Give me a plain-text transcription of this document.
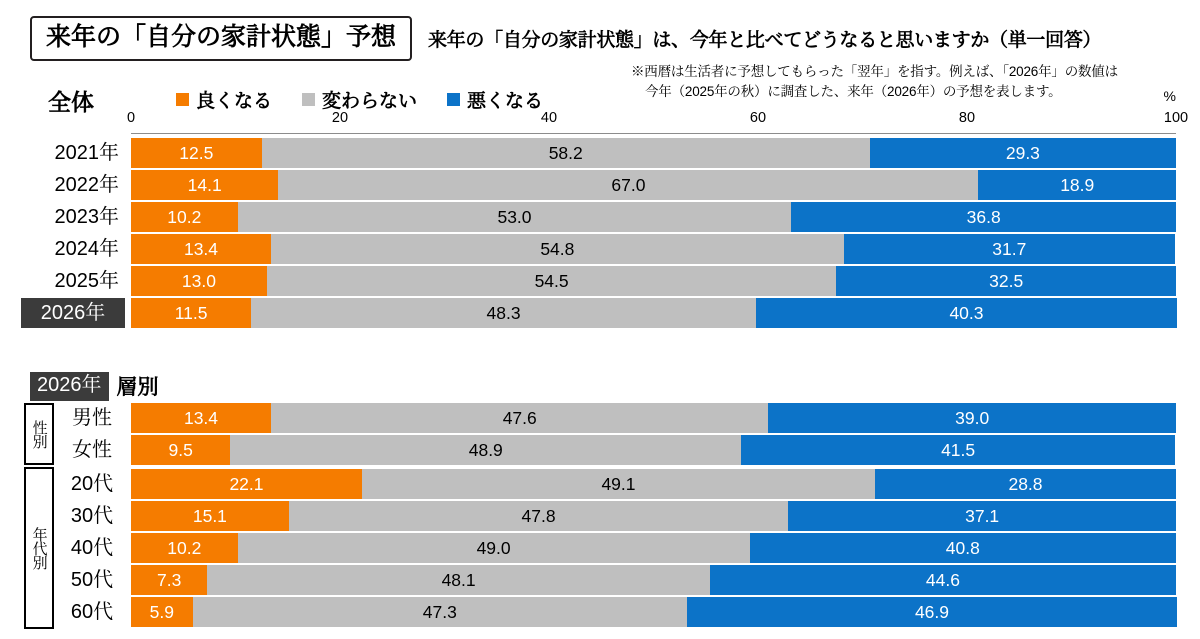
来年の「自分の家計状態」予想	来年の「自分の家計状態」は、今年と比べてどうなると思いますか（単一回答）
※西暦は生活者に予想してもらった「翌年」を指す。例えば、「2026年」の数値は
今年（2025年の秋）に調査した、来年（2026年）の予想を表します。
全体	良くなる	変わらない	悪くなる	%
0	20	40	60	80	100
2021年	12.5	58.2	29.3
2022年	14.1	67.0	18.9
2023年	10.2	53.0	36.8
2024年	13.4	54.8	31.7
2025年	13.0	54.5	32.5
2026年	11.5	48.3	40.3
2026年 層別
性別
年代別
男性	13.4	47.6	39.0
女性	9.5	48.9	41.5
20代	22.1	49.1	28.8
30代	15.1	47.8	37.1
40代	10.2	49.0	40.8
50代	7.3	48.1	44.6
60代	5.9	47.3	46.9
